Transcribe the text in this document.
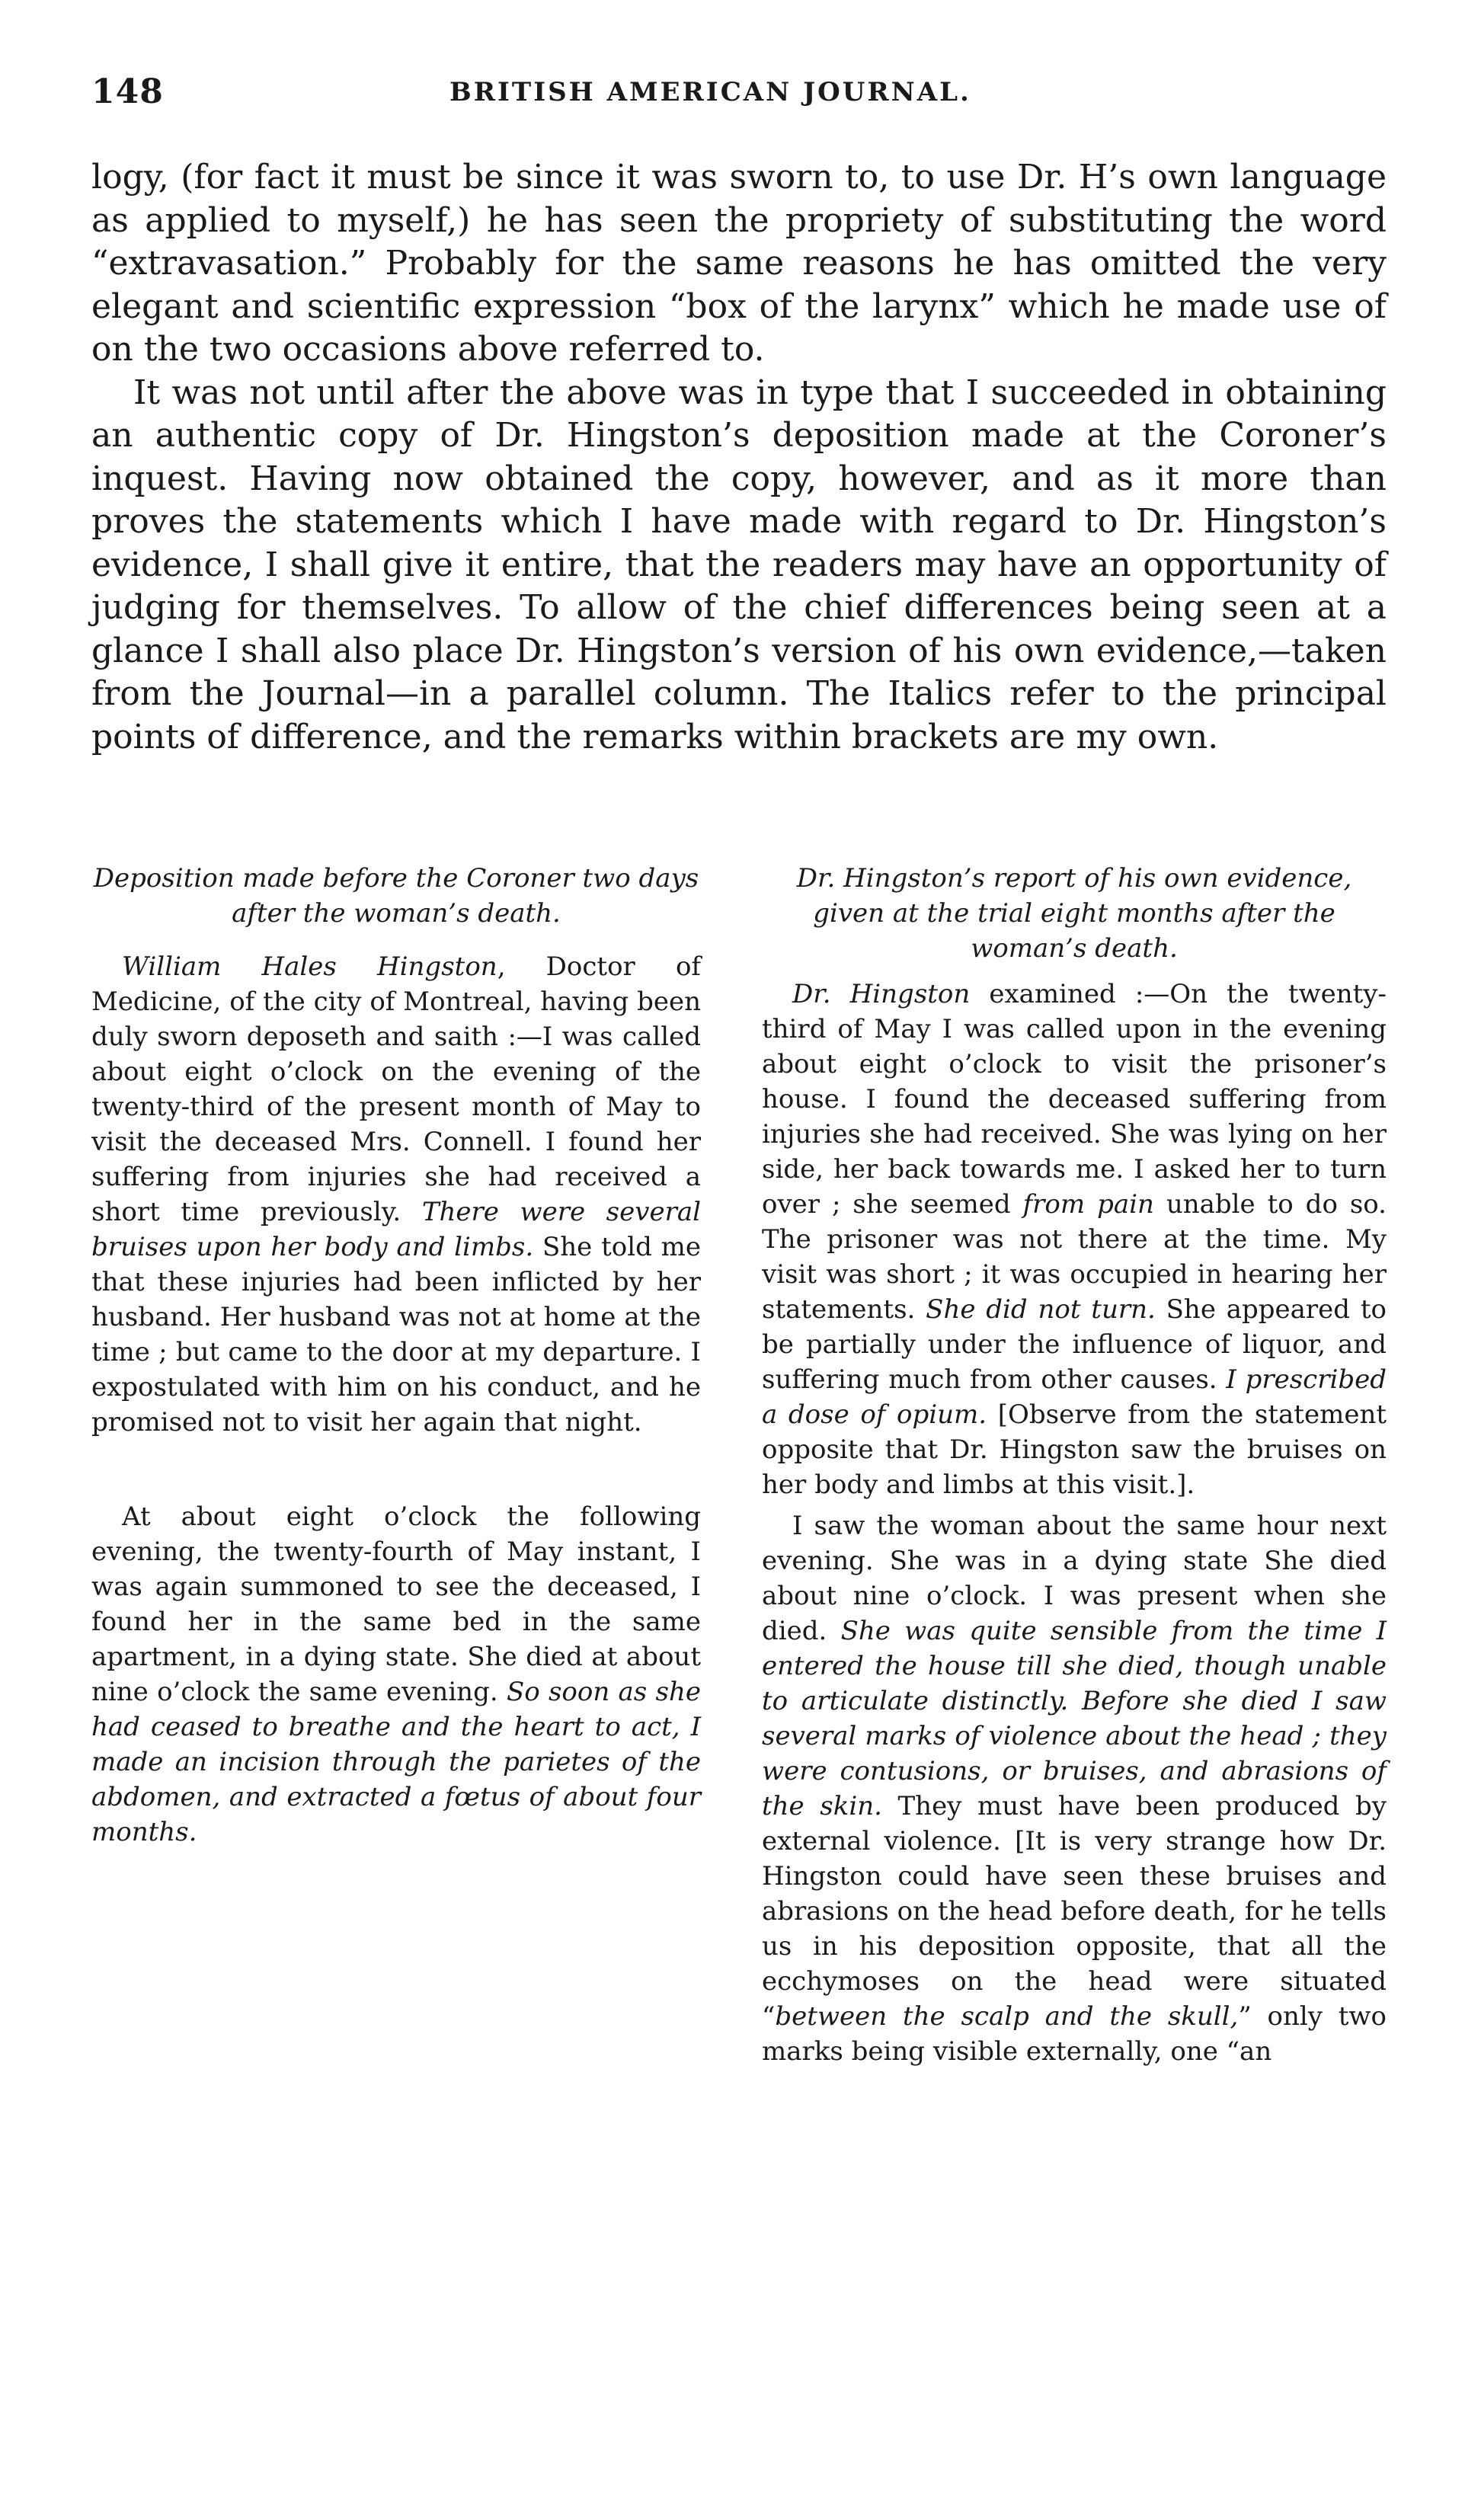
148	BRITISH AMERICAN JOURNAL.

logy, (for fact it must be since it was sworn to, to use Dr. H’s own language as applied to myself,) he has seen the propriety of substituting the word “extravasation.” Probably for the same reasons he has omitted the very elegant and scientific expression “box of the larynx” which he made use of on the two occasions above referred to.

It was not until after the above was in type that I succeeded in obtaining an authentic copy of Dr. Hingston’s deposition made at the Coroner’s inquest. Having now obtained the copy, however, and as it more than proves the statements which I have made with regard to Dr. Hingston’s evidence, I shall give it entire, that the readers may have an opportunity of judging for themselves. To allow of the chief differences being seen at a glance I shall also place Dr. Hingston’s version of his own evidence,—taken from the Journal—in a parallel column. The Italics refer to the principal points of difference, and the remarks within brackets are my own.

Deposition made before the Coroner two days after the woman’s death.

William Hales Hingston, Doctor of Medicine, of the city of Montreal, having been duly sworn deposeth and saith :—I was called about eight o’clock on the evening of the twenty-third of the present month of May to visit the deceased Mrs. Connell. I found her suffering from injuries she had received a short time previously. There were several bruises upon her body and limbs. She told me that these injuries had been inflicted by her husband. Her husband was not at home at the time ; but came to the door at my departure. I expostulated with him on his conduct, and he promised not to visit her again that night.

At about eight o’clock the following evening, the twenty-fourth of May instant, I was again summoned to see the deceased, I found her in the same bed in the same apartment, in a dying state. She died at about nine o’clock the same evening. So soon as she had ceased to breathe and the heart to act, I made an incision through the parietes of the abdomen, and extracted a fœtus of about four months.

Dr. Hingston’s report of his own evidence, given at the trial eight months after the woman’s death.

Dr. Hingston examined :—On the twenty-third of May I was called upon in the evening about eight o’clock to visit the prisoner’s house. I found the deceased suffering from injuries she had received. She was lying on her side, her back towards me. I asked her to turn over ; she seemed from pain unable to do so. The prisoner was not there at the time. My visit was short ; it was occupied in hearing her statements. She did not turn. She appeared to be partially under the influence of liquor, and suffering much from other causes. I prescribed a dose of opium. [Observe from the statement opposite that Dr. Hingston saw the bruises on her body and limbs at this visit.].

I saw the woman about the same hour next evening. She was in a dying state She died about nine o’clock. I was present when she died. She was quite sensible from the time I entered the house till she died, though unable to articulate distinctly. Before she died I saw several marks of violence about the head ; they were contusions, or bruises, and abrasions of the skin. They must have been produced by external violence. [It is very strange how Dr. Hingston could have seen these bruises and abrasions on the head before death, for he tells us in his deposition opposite, that all the ecchymoses on the head were situated “between the scalp and the skull,” only two marks being visible externally, one “an
